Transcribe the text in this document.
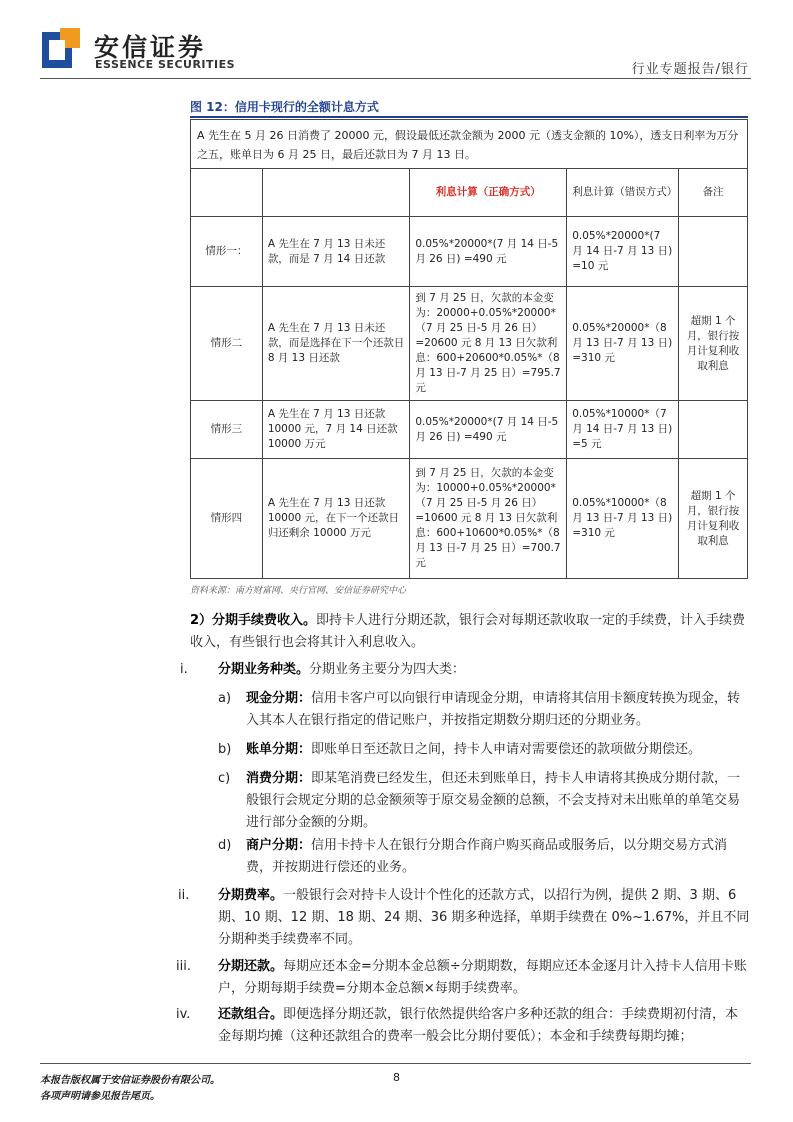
安信证券
ESSENCE SECURITIES	行业专题报告/银行
图 12：信用卡现行的全额计息方式
A 先生在 5 月 26 日消费了 20000 元，假设最低还款金额为 2000 元（透支金额的 10%），透支日利率为万分之五，账单日为 6 月 25 日，最后还款日为 7 月 13 日。
		利息计算（正确方式）	利息计算（错误方式）	备注
情形一：	A 先生在 7 月 13 日未还款，而是 7 月 14 日还款	0.05%*20000*(7 月 14 日-5 月 26 日) =490 元	0.05%*20000*(7 月 14 日-7 月 13 日) =10 元	
情形二	A 先生在 7 月 13 日未还款，而是选择在下一个还款日 8 月 13 日还款	到 7 月 25 日，欠款的本金变为：20000+0.05%*20000*（7 月 25 日-5 月 26 日）=20600 元 8 月 13 日欠款利息：600+20600*0.05%*（8 月 13 日-7 月 25 日）=795.7 元	0.05%*20000*（8 月 13 日-7 月 13 日) =310 元	超期 1 个月，银行按月计复利收取利息
情形三	A 先生在 7 月 13 日还款 10000 元，7 月 14 日还款 10000 万元	0.05%*20000*(7 月 14 日-5 月 26 日) =490 元	0.05%*10000*（7 月 14 日-7 月 13 日) =5 元	
情形四	A 先生在 7 月 13 日还款 10000 元，在下一个还款日归还剩余 10000 万元	到 7 月 25 日，欠款的本金变为：10000+0.05%*20000*（7 月 25 日-5 月 26 日）=10600 元 8 月 13 日欠款利息：600+10600*0.05%*（8 月 13 日-7 月 25 日）=700.7 元	0.05%*10000*（8 月 13 日-7 月 13 日) =310 元	超期 1 个月，银行按月计复利收取利息
资料来源：南方财富网、央行官网、安信证券研究中心
2）分期手续费收入。即持卡人进行分期还款，银行会对每期还款收取一定的手续费，计入手续费收入，有些银行也会将其计入利息收入。
i. 分期业务种类。分期业务主要分为四大类：
a) 现金分期：信用卡客户可以向银行申请现金分期，申请将其信用卡额度转换为现金，转入其本人在银行指定的借记账户，并按指定期数分期归还的分期业务。
b) 账单分期：即账单日至还款日之间，持卡人申请对需要偿还的款项做分期偿还。
c) 消费分期：即某笔消费已经发生，但还未到账单日，持卡人申请将其换成分期付款，一般银行会规定分期的总金额须等于原交易金额的总额，不会支持对未出账单的单笔交易进行部分金额的分期。
d) 商户分期：信用卡持卡人在银行分期合作商户购买商品或服务后，以分期交易方式消费，并按期进行偿还的业务。
ii. 分期费率。一般银行会对持卡人设计个性化的还款方式，以招行为例，提供 2 期、3 期、6 期、10 期、12 期、18 期、24 期、36 期多种选择，单期手续费在 0%~1.67%，并且不同分期种类手续费率不同。
iii. 分期还款。每期应还本金=分期本金总额÷分期期数，每期应还本金逐月计入持卡人信用卡账户，分期每期手续费=分期本金总额×每期手续费率。
iv. 还款组合。即便选择分期还款，银行依然提供给客户多种还款的组合：手续费期初付清，本金每期均摊（这种还款组合的费率一般会比分期付要低）；本金和手续费每期均摊；
本报告版权属于安信证券股份有限公司。
各项声明请参见报告尾页。
8
